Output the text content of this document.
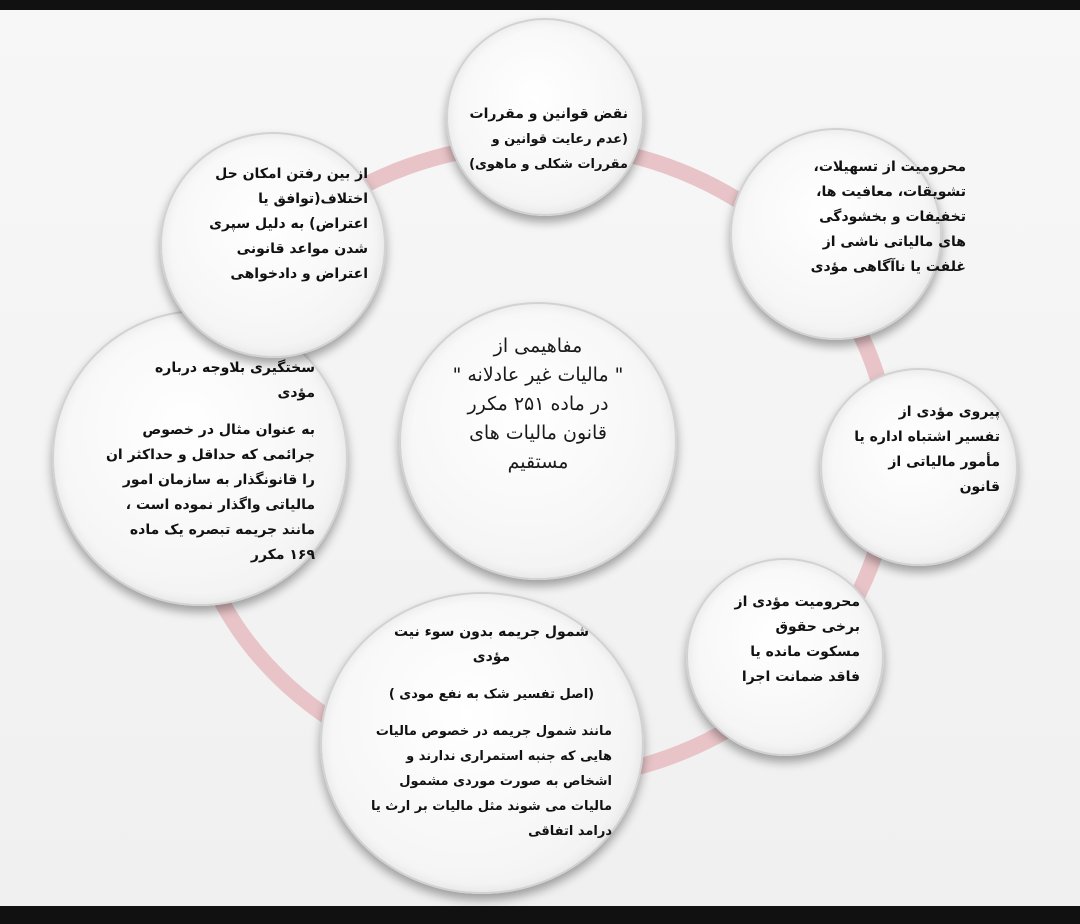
مفاهیمی از
" مالیات غیر عادلانه "
در ماده ۲۵۱ مکرر
قانون مالیات های
مستقیم
نقض قوانین و مقررات
(عدم رعایت قوانین و
مقررات شکلی و ماهوی)	محرومیت از تسهیلات،
تشویقات، معافیت ها،
تخفیفات و بخشودگی
های مالیاتی ناشی از
غلفت یا ناآگاهی مؤدی
پیروی مؤدی از
تفسیر اشتباه اداره یا
مأمور مالیاتی از
قانون
محرومیت مؤدی از
برخی حقوق
مسکوت مانده یا
فاقد ضمانت اجرا
شمول جریمه بدون سوء نیت
مؤدی
(اصل تفسیر شک به نفع مودی )
مانند شمول جریمه در خصوص مالیات
هایی که جنبه استمراری ندارند و
اشخاص به صورت موردی مشمول
مالیات می شوند مثل مالیات بر ارث یا
درامد اتفاقی
سختگیری بلاوجه درباره
مؤدی
به عنوان مثال در خصوص
جرائمی که حداقل و حداکثر ان
را قانونگذار به سازمان امور
مالیاتی واگذار نموده است ،
مانند جریمه تبصره یک ماده
۱۶۹ مکرر
از بین رفتن امکان حل
اختلاف(توافق یا
اعتراض) به دلیل سپری
شدن مواعد قانونی
اعتراض و دادخواهی
